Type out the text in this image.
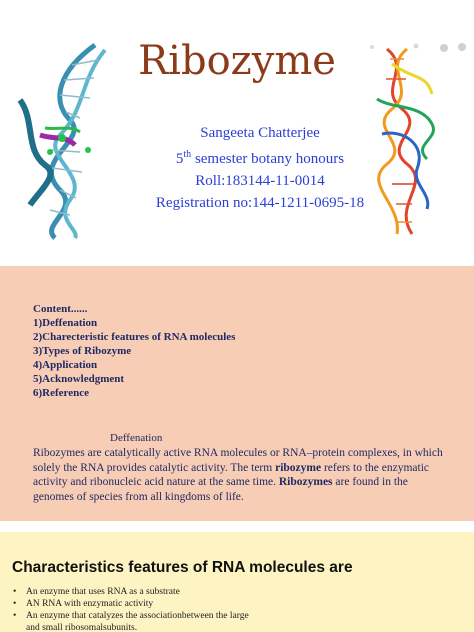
Ribozyme
Sangeeta Chatterjee
5th semester botany honours
Roll:183144-11-0014
Registration no:144-1211-0695-18
Content......
1)Deffenation
2)Charecteristic features of RNA molecules
3)Types of Ribozyme
4)Application
5)Acknowledgment
6)Reference
Deffenation
Ribozymes are catalytically active RNA molecules or RNA–protein complexes, in which solely the RNA provides catalytic activity. The term ribozyme refers to the enzymatic activity and ribonucleic acid nature at the same time. Ribozymes are found in the genomes of species from all kingdoms of life.
Characteristics features of RNA molecules are
• An enzyme that uses RNA as a substrate
• AN RNA with enzymatic activity
• An enzyme that catalyzes the associationbetween the large and small ribosomalsubunits.
